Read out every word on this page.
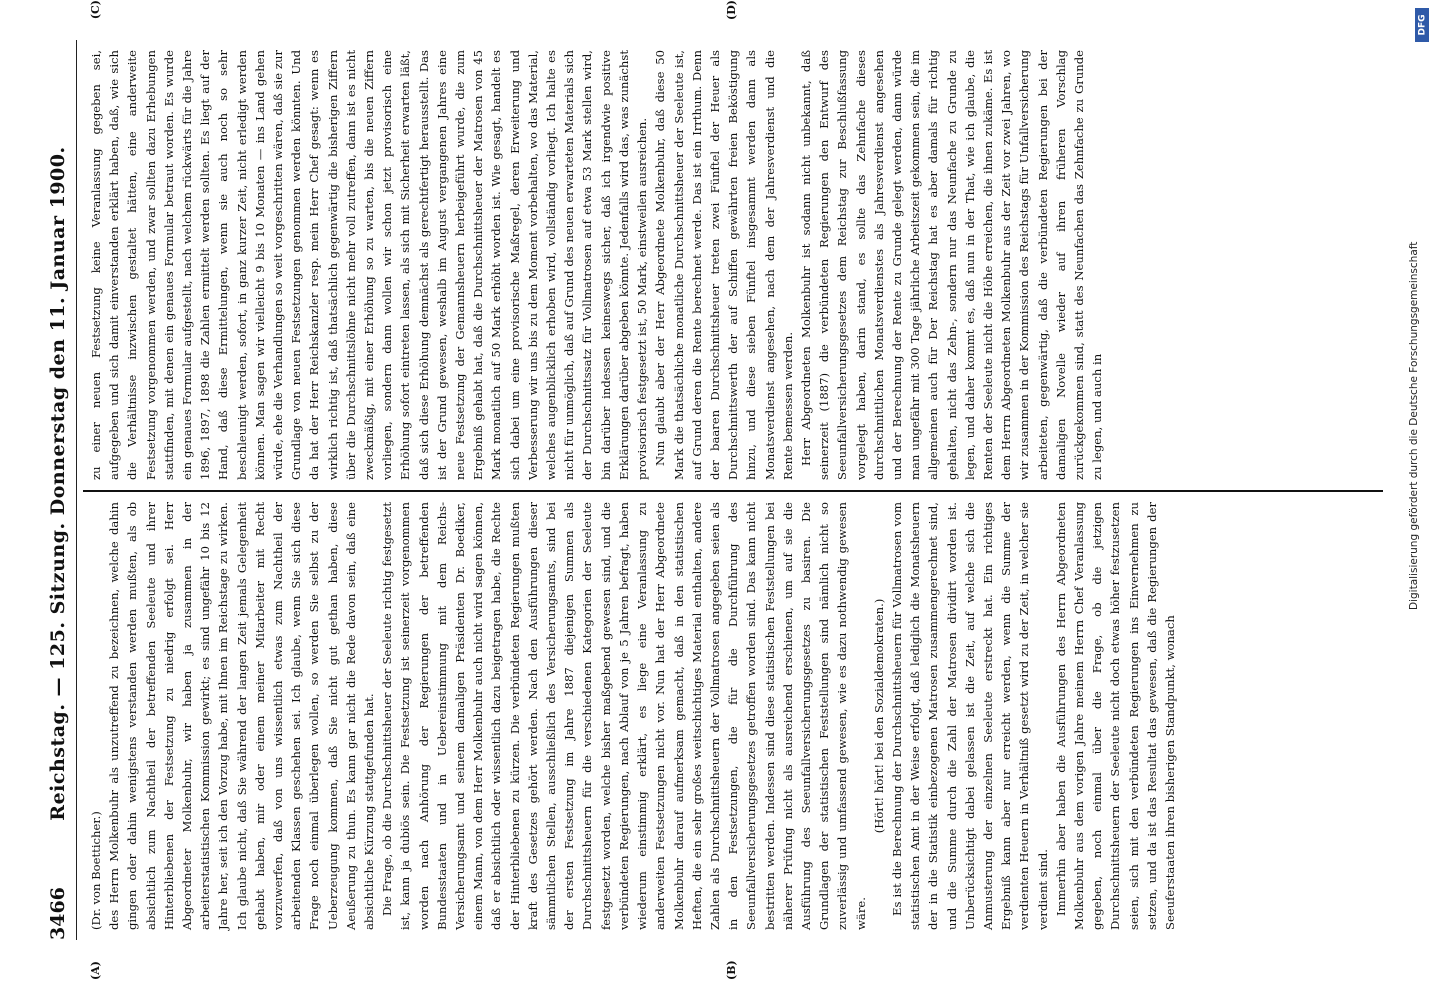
3466
Reichstag. — 125. Sitzung. Donnerstag den 11. Januar 1900.
(A)	(B)

(Dr. von Boetticher.) des Herrn Molkenbuhr als unzutreffend zu bezeichnen, welche dahin gingen oder dahin wenigstens verstanden werden mußten, als ob absichtlich zum Nachtheil der betreffenden Seeleute und ihrer Hinterbliebenen der Festsetzung zu niedrig erfolgt sei. Herr Abgeordneter Molkenbuhr, wir haben ja zusammen in der arbeiterstatistischen Kommission gewirkt; es sind ungefähr 10 bis 12 Jahre her, seit ich den Vorzug habe, mit Ihnen im Reichstage zu wirken. Ich glaube nicht, daß Sie während der langen Zeit jemals Gelegenheit gehabt haben, mir oder einem meiner Mitarbeiter mit Recht vorzuwerfen, daß von uns wissentlich etwas zum Nachtheil der arbeitenden Klassen geschehen sei. Ich glaube, wenn Sie sich diese Frage noch einmal überlegen wollen, so werden Sie selbst zu der Ueberzeugung kommen, daß Sie nicht gut gethan haben, diese Aeußerung zu thun. Es kann gar nicht die Rede davon sein, daß eine absichtliche Kürzung stattgefunden hat. Die Frage, ob die Durchschnittsheuer der Seeleute richtig festgesetzt ist, kann ja dubiös sein. Die Festsetzung ist seinerzeit vorgenommen worden nach Anhörung der Regierungen der betreffenden Bundesstaaten und in Uebereinstimmung mit dem Reichs-Versicherungsamt und seinem damaligen Präsidenten Dr. Boediker, einem Mann, von dem Herr Molkenbuhr auch nicht wird sagen können, daß er absichtlich oder wissentlich dazu beigetragen habe, die Rechte der Hinterbliebenen zu kürzen. Die verbündeten Regierungen mußten kraft des Gesetzes gehört werden. Nach den Ausführungen dieser sämmtlichen Stellen, ausschließlich des Versicherungsamts, sind bei der ersten Festsetzung im Jahre 1887 diejenigen Summen als Durchschnittsheuern für die verschiedenen Kategorien der Seeleute festgesetzt worden, welche bisher maßgebend gewesen sind, und die verbündeten Regierungen, nach Ablauf von je 5 Jahren befragt, haben wiederum einstimmig erklärt, es liege eine Veranlassung zu anderweiten Festsetzungen nicht vor. Nun hat der Herr Abgeordnete Molkenbuhr darauf aufmerksam gemacht, daß in den statistischen Heften, die ein sehr großes weitschichtiges Material enthalten, andere Zahlen als Durchschnittsheuern der Vollmatrosen angegeben seien als in den Festsetzungen, die für die Durchführung des Seeunfallversicherungsgesetzes getroffen worden sind. Das kann nicht bestritten werden. Indessen sind diese statistischen Feststellungen bei näherer Prüfung nicht als ausreichend erschienen, um auf sie die Ausführung des Seeunfallversicherungsgesetzes zu basiren. Die Grundlagen der statistischen Feststellungen sind nämlich nicht so zuverlässig und umfassend gewesen, wie es dazu nothwendig gewesen wäre.

(Hört! hört! bei den Sozialdemokraten.) Es ist die Berechnung der Durchschnittsheuern für Vollmatrosen vom statistischen Amt in der Weise erfolgt, daß lediglich die Monatsheuern der in die Statistik einbezogenen Matrosen zusammengerechnet sind, und die Summe durch die Zahl der Matrosen dividirt worden ist. Unberücksichtigt dabei gelassen ist die Zeit, auf welche sich die Anmusterung der einzelnen Seeleute erstreckt hat. Ein richtiges Ergebniß kann aber nur erreicht werden, wenn die Summe der verdienten Heuern in Verhältniß gesetzt wird zu der Zeit, in welcher sie verdient sind. Immerhin aber haben die Ausführungen des Herrn Abgeordneten Molkenbuhr aus dem vorigen Jahre meinem Herrn Chef Veranlassung gegeben, noch einmal über die Frage, ob die jetzigen Durchschnittsheuern der Seeleute nicht doch etwas höher festzusetzen seien, sich mit den verbündeten Regierungen ins Einvernehmen zu setzen, und da ist das Resultat das gewesen, daß die Regierungen der Seeuferstaaten ihren bisherigen Standpunkt, wonach

(C)	(D)

zu einer neuen Festsetzung keine Veranlassung gegeben sei, aufgegeben und sich damit einverstanden erklärt haben, daß, wie sich die Verhältnisse inzwischen gestaltet hätten, eine anderweite Festsetzung vorgenommen werden, und zwar sollten dazu Erhebungen stattfinden, mit denen ein genaues Formular betraut worden. Es wurde ein genaues Formular aufgestellt, nach welchem rückwärts für die Jahre 1896, 1897, 1898 die Zahlen ermittelt werden sollten. Es liegt auf der Hand, daß diese Ermittelungen, wenn sie auch noch so sehr beschleunigt werden, sofort, in ganz kurzer Zeit, nicht erledigt werden können. Man sagen wir vielleicht 9 bis 10 Monaten — ins Land gehen würde, ehe die Verhandlungen so weit vorgeschritten wären, daß sie zur Grundlage von neuen Festsetzungen genommen werden könnten. Und da hat der Herr Reichskanzler resp. mein Herr Chef gesagt: wenn es wirklich richtig ist, daß thatsächlich gegenwärtig die bisherigen Ziffern über die Durchschnittslöhne nicht mehr voll zutreffen, dann ist es nicht zweckmäßig, mit einer Erhöhung so zu warten, bis die neuen Ziffern vorliegen, sondern dann wollen wir schon jetzt provisorisch eine Erhöhung sofort eintreten lassen, als sich mit Sicherheit erwarten läßt, daß sich diese Erhöhung demnächst als gerechtfertigt herausstellt. Das ist der Grund gewesen, weshalb im August vergangenen Jahres eine neue Festsetzung der Gemannsheuern herbeigeführt wurde, die zum Ergebniß gehabt hat, daß die Durchschnittsheuer der Matrosen von 45 Mark monatlich auf 50 Mark erhöht worden ist. Wie gesagt, handelt es sich dabei um eine provisorische Maßregel, deren Erweiterung und Verbesserung wir uns bis zu dem Moment vorbehalten, wo das Material, welches augenblicklich erhoben wird, vollständig vorliegt. Ich halte es nicht für unmöglich, daß auf Grund des neuen erwarteten Materials sich der Durchschnittssatz für Vollmatrosen auf etwa 53 Mark stellen wird, bin darüber indessen keineswegs sicher, daß ich irgendwie positive Erklärungen darüber abgeben könnte. Jedenfalls wird das, was zunächst provisorisch festgesetzt ist, 50 Mark, einstweilen ausreichen. Nun glaubt aber der Herr Abgeordnete Molkenbuhr, daß diese 50 Mark die thatsächliche monatliche Durchschnittsheuer der Seeleute ist, auf Grund deren die Rente berechnet werde. Das ist ein Irrthum. Denn der baaren Durchschnittsheuer treten zwei Fünftel der Heuer als Durchschnittswerth der auf Schiffen gewährten freien Beköstigung hinzu, und diese sieben Fünftel insgesammt werden dann als Monatsverdienst angesehen, nach dem der Jahresverdienst und die Rente bemessen werden. Herr Abgeordneten Molkenbuhr ist sodann nicht unbekannt, daß seinerzeit (1887) die verbündeten Regierungen den Entwurf des Seeunfallversicherungsgesetzes dem Reichstag zur Beschlußfassung vorgelegt haben, darin stand, es sollte das Zehnfache dieses durchschnittlichen Monatsverdienstes als Jahresverdienst angesehen und der Berechnung der Rente zu Grunde gelegt werden, dann würde man ungefähr mit 300 Tage jährliche Arbeitszeit gekommen sein, die im allgemeinen auch für Der Reichstag hat es aber damals für richtig gehalten, nicht das Zehn-, sondern nur das Neunfache zu Grunde zu legen, und daher kommt es, daß nun in der That, wie ich glaube, die Renten der Seeleute nicht die Höhe erreichen, die ihnen zukäme. Es ist dem Herrn Abgeordneten Molkenbuhr aus der Zeit vor zwei Jahren, wo wir zusammen in der Kommission des Reichstags für Unfallversicherung arbeiteten, gegenwärtig, daß die verbündeten Regierungen bei der damaligen Novelle wieder auf ihren früheren Vorschlag zurückgekommen sind, statt des Neunfachen das Zehnfache zu Grunde zu legen, und auch in

DFG
Digitalisierung gefördert durch die Deutsche Forschungsgemeinschaft
